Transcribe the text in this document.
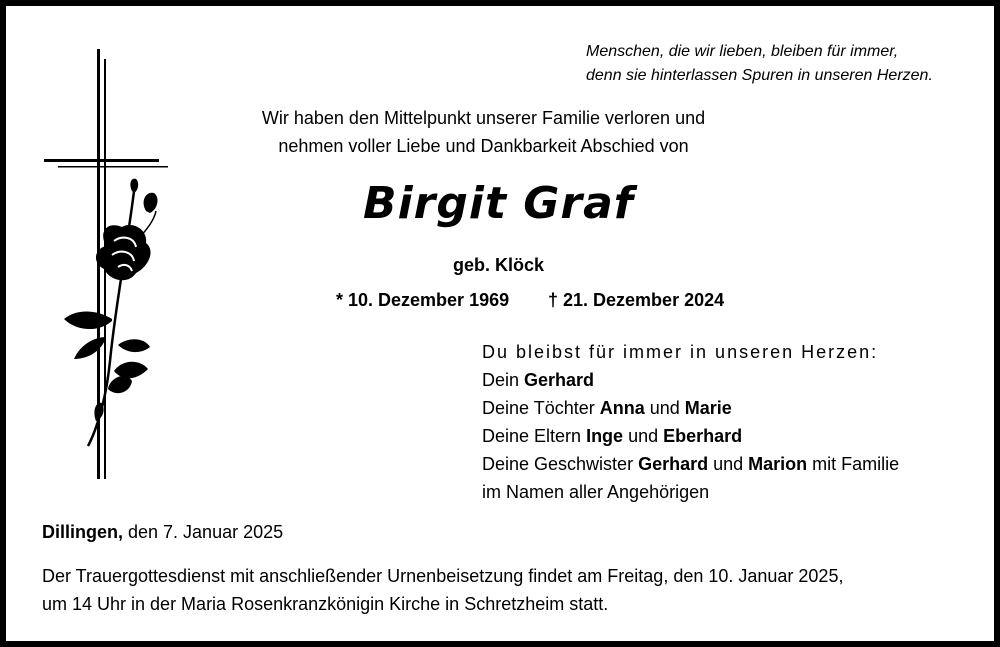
Menschen, die wir lieben, bleiben für immer,
denn sie hinterlassen Spuren in unseren Herzen.
Wir haben den Mittelpunkt unserer Familie verloren und
nehmen voller Liebe und Dankbarkeit Abschied von
Birgit Graf
geb. Klöck
* 10. Dezember 1969 † 21. Dezember 2024
Du bleibst für immer in unseren Herzen:
Dein Gerhard
Deine Töchter Anna und Marie
Deine Eltern Inge und Eberhard
Deine Geschwister Gerhard und Marion mit Familie
im Namen aller Angehörigen
Dillingen, den 7. Januar 2025
Der Trauergottesdienst mit anschließender Urnenbeisetzung findet am Freitag, den 10. Januar 2025,
um 14 Uhr in der Maria Rosenkranzkönigin Kirche in Schretzheim statt.
